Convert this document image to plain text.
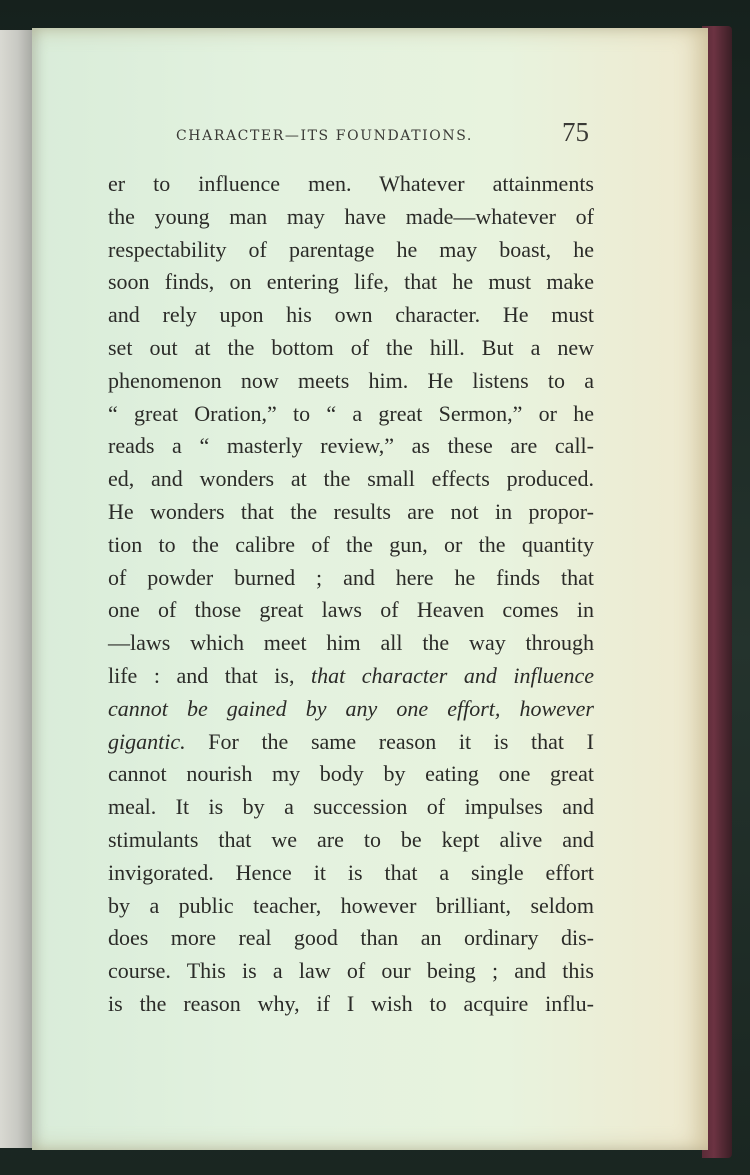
CHARACTER—ITS FOUNDATIONS.	75
er to influence men. Whatever attainments
the young man may have made—whatever of
respectability of parentage he may boast, he
soon finds, on entering life, that he must make
and rely upon his own character. He must
set out at the bottom of the hill. But a new
phenomenon now meets him. He listens to a
“ great Oration,” to “ a great Sermon,” or he
reads a “ masterly review,” as these are call-
ed, and wonders at the small effects produced.
He wonders that the results are not in propor-
tion to the calibre of the gun, or the quantity
of powder burned ; and here he finds that
one of those great laws of Heaven comes in
—laws which meet him all the way through
life : and that is, that character and influence
cannot be gained by any one effort, however
gigantic. For the same reason it is that I
cannot nourish my body by eating one great
meal. It is by a succession of impulses and
stimulants that we are to be kept alive and
invigorated. Hence it is that a single effort
by a public teacher, however brilliant, seldom
does more real good than an ordinary dis-
course. This is a law of our being ; and this
is the reason why, if I wish to acquire influ-
